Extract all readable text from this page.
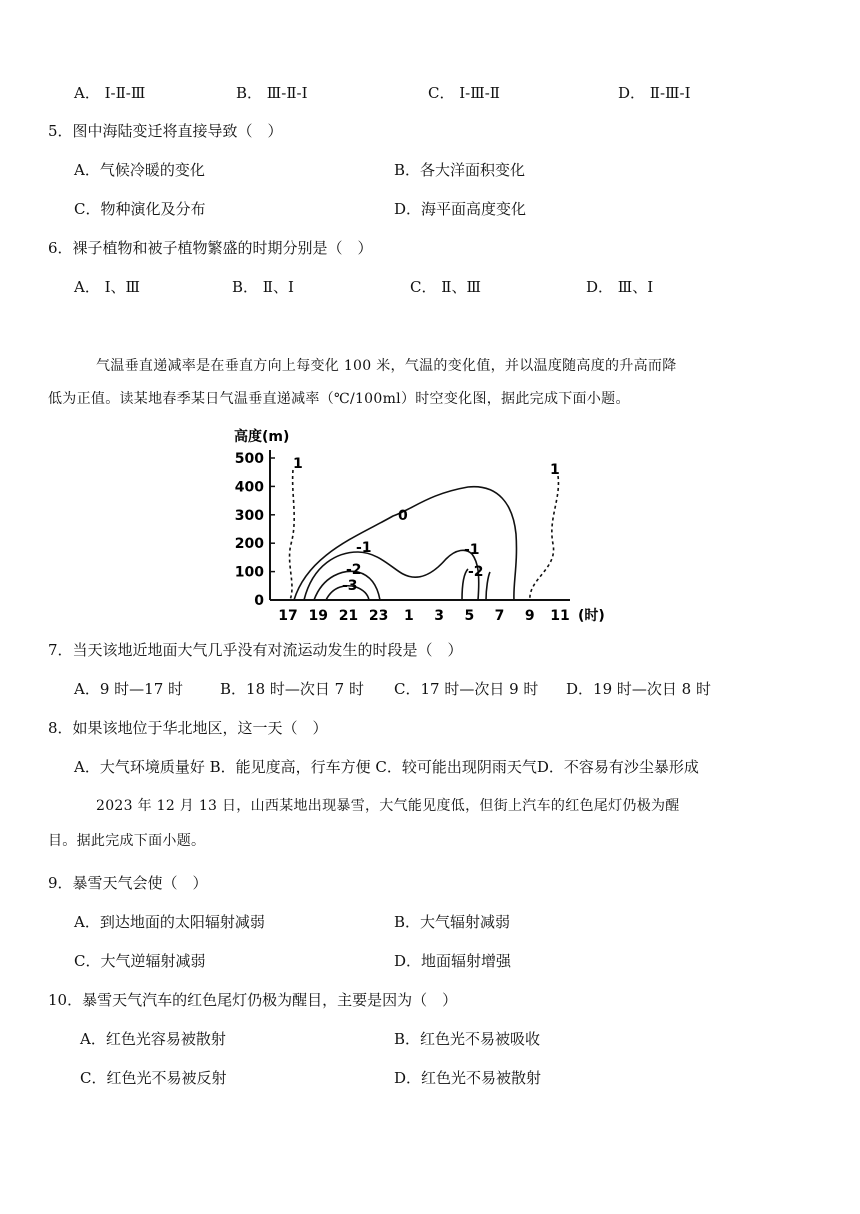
A． Ⅰ-Ⅱ-Ⅲ	B． Ⅲ-Ⅱ-Ⅰ	C． Ⅰ-Ⅲ-Ⅱ	D． Ⅱ-Ⅲ-Ⅰ
5．图中海陆变迁将直接导致（　）
A．气候冷暖的变化	B．各大洋面积变化
C．物种演化及分布	D．海平面高度变化
6．裸子植物和被子植物繁盛的时期分别是（　）
A． Ⅰ、Ⅲ	B． Ⅱ、Ⅰ	C． Ⅱ、Ⅲ	D． Ⅲ、Ⅰ
气温垂直递减率是在垂直方向上每变化 100 米，气温的变化值，并以温度随高度的升高而降
低为正值。读某地春季某日气温垂直递减率（℃/100ml）时空变化图，据此完成下面小题。
高度(m)
500
400
300
200
100
0
17 19 21 23 1 3 5 7 9 11
1	1
0
-1
-2
-3
-1
-2
(时)
7．当天该地近地面大气几乎没有对流运动发生的时段是（　）
A．9 时—17 时 B．18 时—次日 7 时 C．17 时—次日 9 时 D．19 时—次日 8 时
8．如果该地位于华北地区，这一天（　）
A．大气环境质量好 B．能见度高，行车方便 C．较可能出现阴雨天气D．不容易有沙尘暴形成
2023 年 12 月 13 日，山西某地出现暴雪，大气能见度低，但街上汽车的红色尾灯仍极为醒
目。据此完成下面小题。
9．暴雪天气会使（　）
A．到达地面的太阳辐射减弱	B．大气辐射减弱
C．大气逆辐射减弱	D．地面辐射增强
10．暴雪天气汽车的红色尾灯仍极为醒目，主要是因为（　）
A．红色光容易被散射	B．红色光不易被吸收
C．红色光不易被反射	D．红色光不易被散射
